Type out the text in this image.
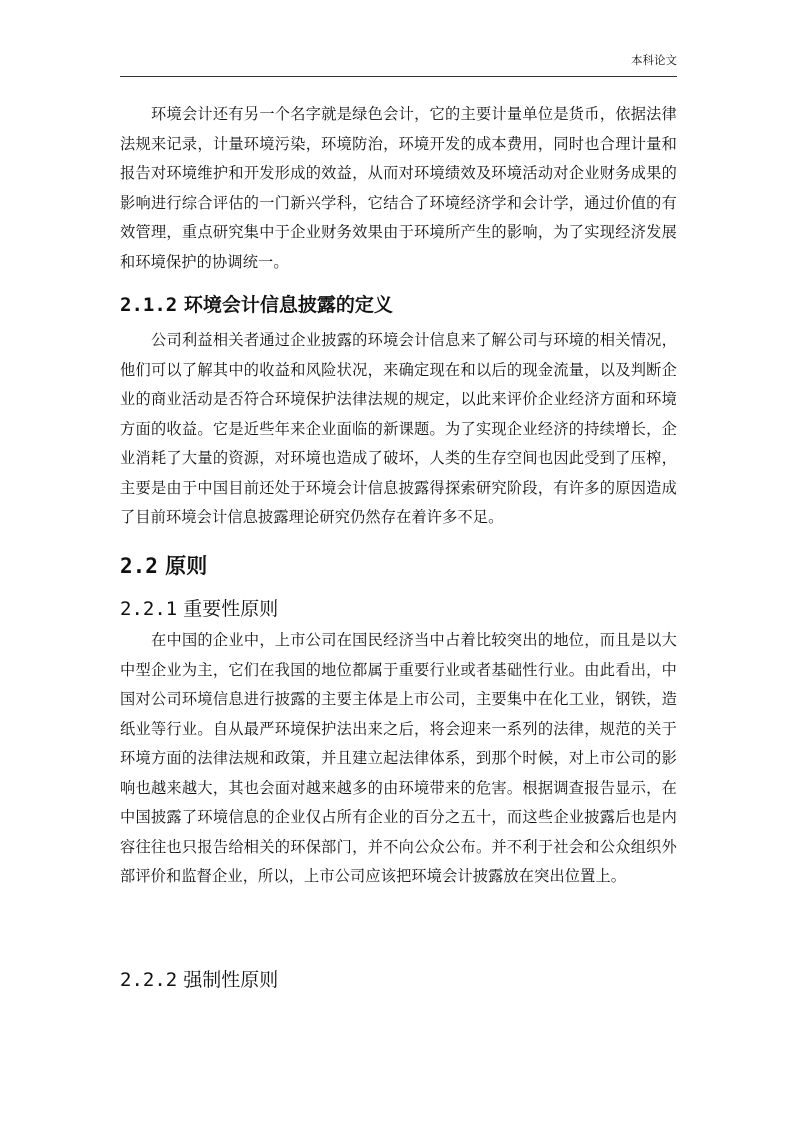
本科论文

环境会计还有另一个名字就是绿色会计，它的主要计量单位是货币，依据法律法规来记录，计量环境污染，环境防治，环境开发的成本费用，同时也合理计量和报告对环境维护和开发形成的效益，从而对环境绩效及环境活动对企业财务成果的影响进行综合评估的一门新兴学科，它结合了环境经济学和会计学，通过价值的有效管理，重点研究集中于企业财务效果由于环境所产生的影响，为了实现经济发展和环境保护的协调统一。

2.1.2 环境会计信息披露的定义

公司利益相关者通过企业披露的环境会计信息来了解公司与环境的相关情况，他们可以了解其中的收益和风险状况，来确定现在和以后的现金流量，以及判断企业的商业活动是否符合环境保护法律法规的规定，以此来评价企业经济方面和环境方面的收益。它是近些年来企业面临的新课题。为了实现企业经济的持续增长，企业消耗了大量的资源，对环境也造成了破坏，人类的生存空间也因此受到了压榨，主要是由于中国目前还处于环境会计信息披露得探索研究阶段，有许多的原因造成了目前环境会计信息披露理论研究仍然存在着许多不足。

2.2 原则
2.2.1 重要性原则

在中国的企业中，上市公司在国民经济当中占着比较突出的地位，而且是以大中型企业为主，它们在我国的地位都属于重要行业或者基础性行业。由此看出，中国对公司环境信息进行披露的主要主体是上市公司，主要集中在化工业，钢铁，造纸业等行业。自从最严环境保护法出来之后，将会迎来一系列的法律，规范的关于环境方面的法律法规和政策，并且建立起法律体系，到那个时候，对上市公司的影响也越来越大，其也会面对越来越多的由环境带来的危害。根据调查报告显示，在中国披露了环境信息的企业仅占所有企业的百分之五十，而这些企业披露后也是内容往往也只报告给相关的环保部门，并不向公众公布。并不利于社会和公众组织外部评价和监督企业，所以，上市公司应该把环境会计披露放在突出位置上。

2.2.2 强制性原则
